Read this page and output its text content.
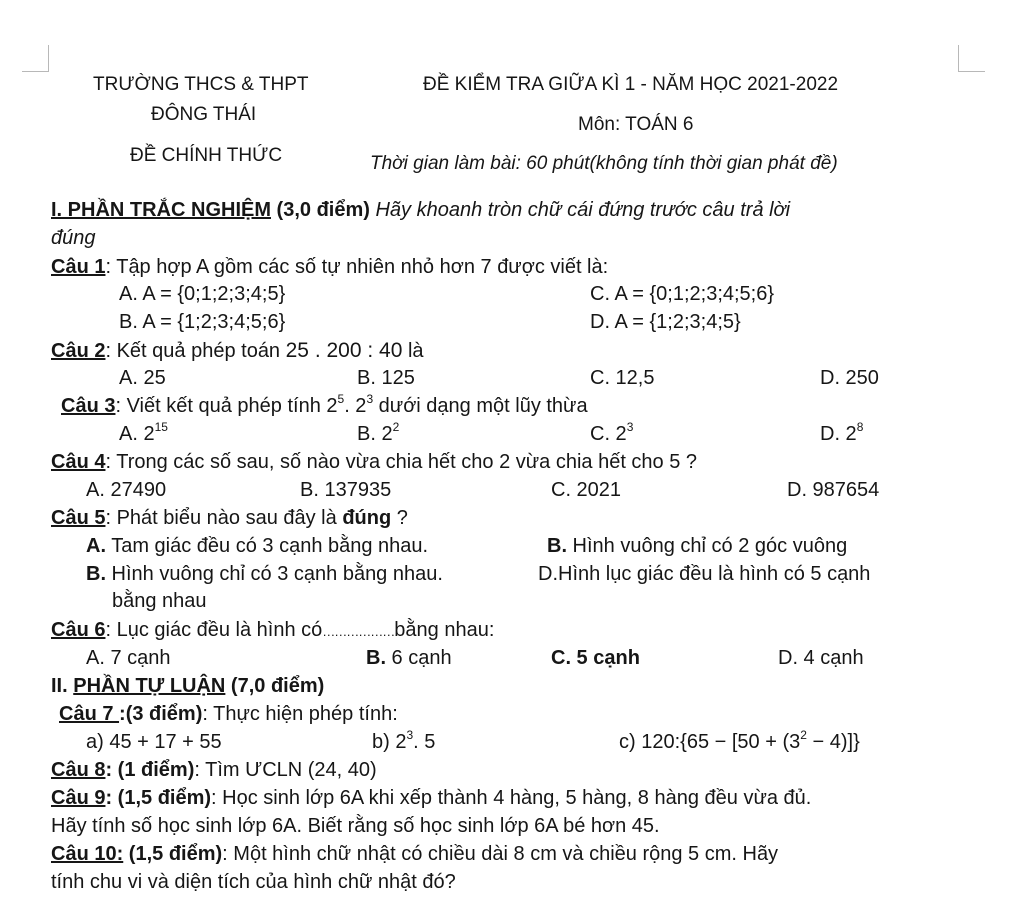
TRƯỜNG THCS & THPT
ĐÔNG THÁI
ĐỀ CHÍNH THỨC
ĐỀ KIỂM TRA GIỮA KÌ 1 - NĂM HỌC 2021-2022
Môn: TOÁN 6
Thời gian làm bài: 60 phút(không tính thời gian phát đề)
I. PHẦN TRẮC NGHIỆM (3,0 điểm) Hãy khoanh tròn chữ cái đứng trước câu trả lời
đúng
Câu 1: Tập hợp A gồm các số tự nhiên nhỏ hơn 7 được viết là:
A. A = {0;1;2;3;4;5}	C. A = {0;1;2;3;4;5;6}
B. A = {1;2;3;4;5;6}	D. A = {1;2;3;4;5}
Câu 2: Kết quả phép toán 25 . 200 : 40 là
A. 25	B. 125	C. 12,5	D. 250
Câu 3: Viết kết quả phép tính $2^5$. $2^3$ dưới dạng một lũy thừa
A. $2^{15}$	B. $2^2$	C. $2^3$	D. $2^8$
Câu 4: Trong các số sau, số nào vừa chia hết cho 2 vừa chia hết cho 5 ?
A. 27490	B. 137935	C. 2021	D. 987654
Câu 5: Phát biểu nào sau đây là đúng ?
A. Tam giác đều có 3 cạnh bằng nhau.	B. Hình vuông chỉ có 2 góc vuông
B. Hình vuông chỉ có 3 cạnh bằng nhau.	D.Hình lục giác đều là hình có 5 cạnh
bằng nhau
Câu 6: Lục giác đều là hình có………………bằng nhau:
A. 7 cạnh	B. 6 cạnh	C. 5 cạnh	D. 4 cạnh
II. PHẦN TỰ LUẬN (7,0 điểm)
Câu 7 :(3 điểm): Thực hiện phép tính:
a) 45 + 17 + 55	b) $2^3$. 5	c) 120:{65 − $[50 + (3^2 - 4)]$}
Câu 8: (1 điểm): Tìm ƯCLN (24, 40)
Câu 9: (1,5 điểm): Học sinh lớp 6A khi xếp thành 4 hàng, 5 hàng, 8 hàng đều vừa đủ.
Hãy tính số học sinh lớp 6A. Biết rằng số học sinh lớp 6A bé hơn 45.
Câu 10: (1,5 điểm): Một hình chữ nhật có chiều dài 8 cm và chiều rộng 5 cm. Hãy
tính chu vi và diện tích của hình chữ nhật đó?
